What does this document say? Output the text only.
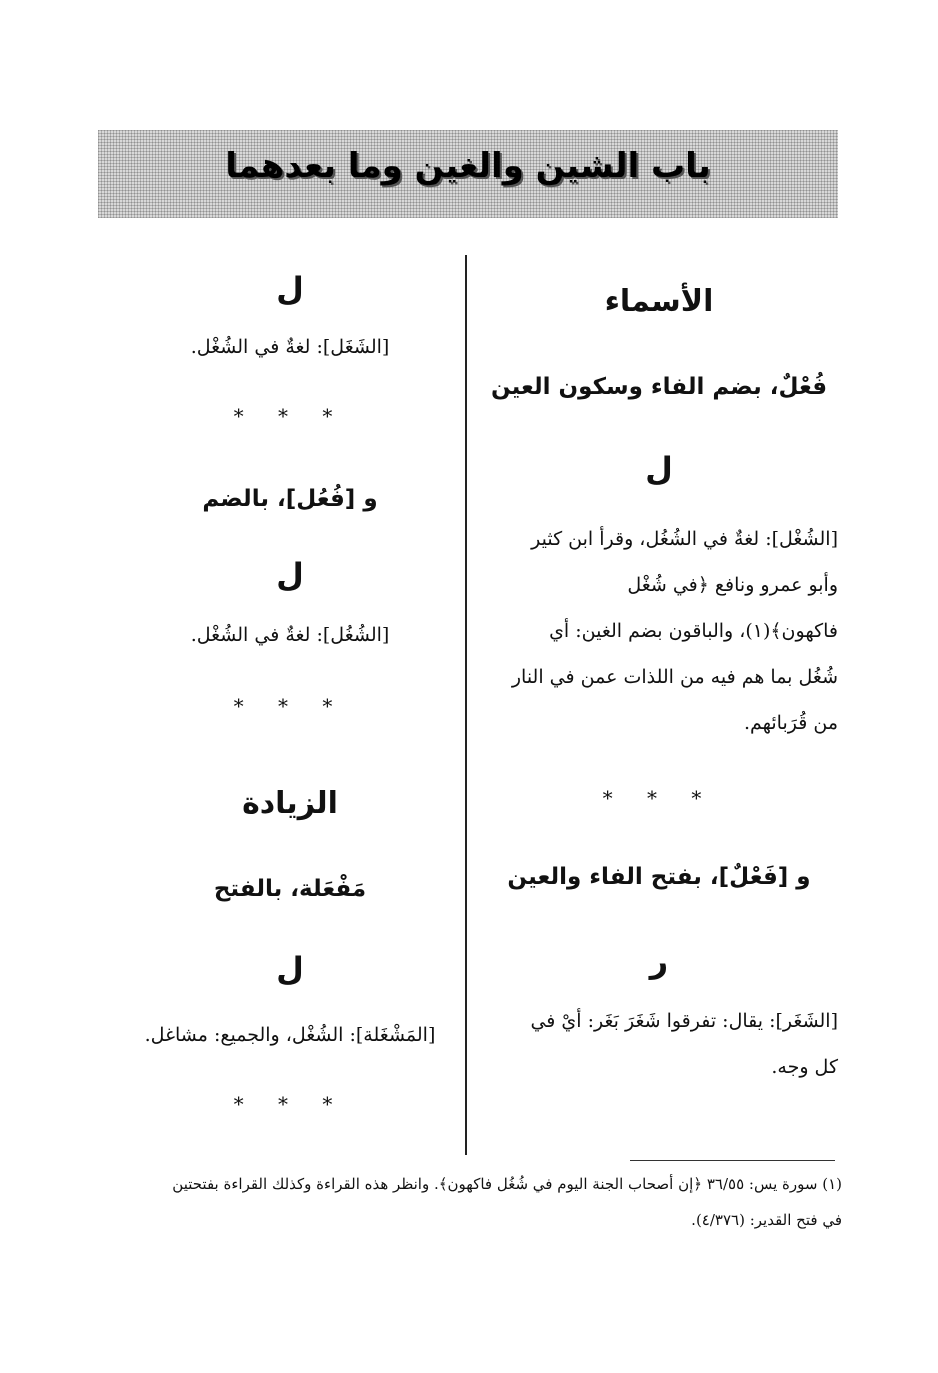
باب الشين والغين وما بعدهما
الأسماء
فُعْلٌ، بضم الفاء وسكون العين
ل
[الشُغْل]: لغةٌ في الشُغُل، وقرأ ابن كثير
وأبو عمرو ونافع ﴿في شُغْل
فاكهون﴾(١)، والباقون بضم الغين: أي
شُغُل بما هم فيه من اللذات عمن في النار
من قُرَبائهم.
* * *
و [فَعْلٌ]، بفتح الفاء والعين
ر
[الشَغَر]: يقال: تفرقوا شَغَرَ بَغَر: أيْ في
كل وجه.
ل
[الشَغَل]: لغةٌ في الشُغْل.
* * *
و [فُعُل]، بالضم
ل
[الشُغُل]: لغةٌ في الشُغْل.
* * *
الزيادة
مَفْعَلة، بالفتح
ل
[المَشْغَلة]: الشُغْل، والجميع: مشاغل.
* * *
(١) سورة يس: ٣٦/٥٥ ﴿إن أصحاب الجنة اليوم في شُغُل فاكهون﴾. وانظر هذه القراءة وكذلك القراءة بفتحتين
في فتح القدير: (٤/٣٧٦).
